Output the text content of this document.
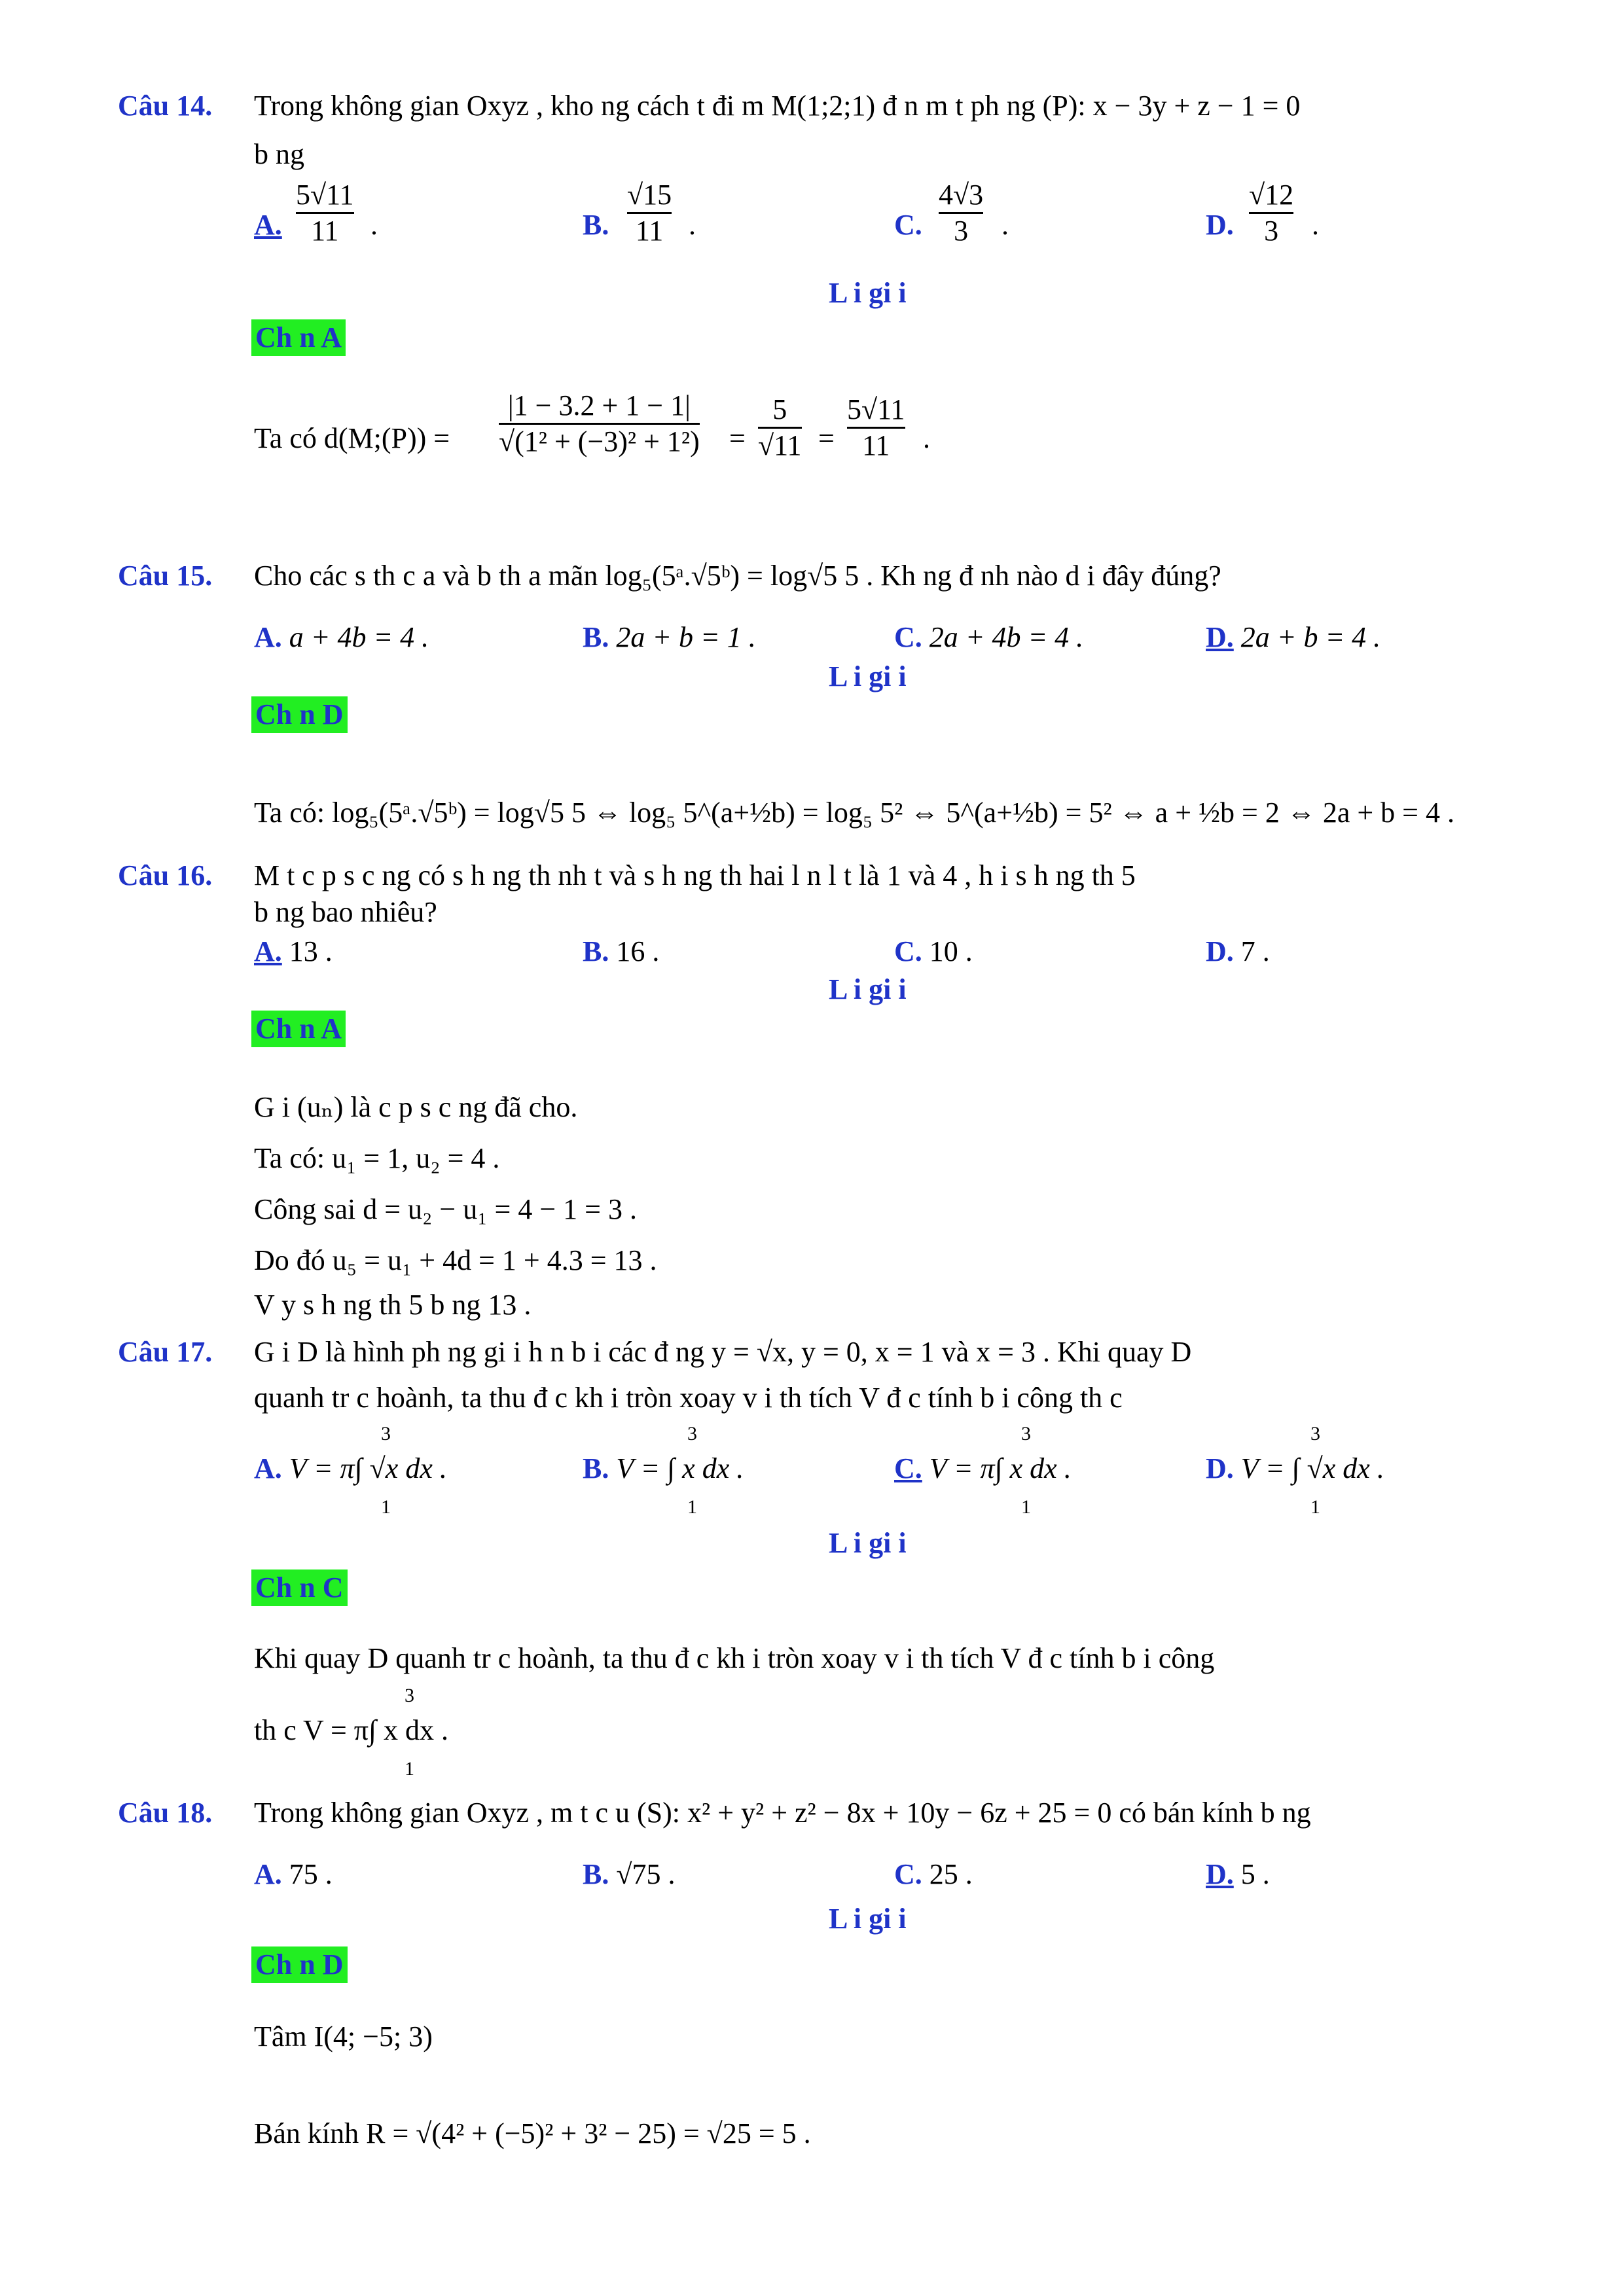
Câu 14. Trong không gian Oxyz , kho ng cách t đi m M(1;2;1) đ n m t ph ng (P): x − 3y + z − 1 = 0
b ng
A.
5√11
11 .	B.
√15
11 .	C.
4√3
3 .	D.
√12
3 .
L i gi i
Ch n A
Ta có d(M;(P)) =
|1 − 3.2 + 1 − 1|
√(1² + (−3)² + 1²) =
5
√11 =
5√11
11 .
Câu 15. Cho các s th c a và b th a mãn log₅(5ᵃ.√5ᵇ) = log√5 5 . Kh ng đ nh nào d i đây đúng?
A. a + 4b = 4 .	B. 2a + b = 1 .	C. 2a + 4b = 4 .	D. 2a + b = 4 .
L i gi i
Ch n D
Ta có: log₅(5ᵃ.√5ᵇ) = log√5 5 ⇔ log₅ 5^(a+½b) = log₅ 5² ⇔ 5^(a+½b) = 5² ⇔ a + ½b = 2 ⇔ 2a + b = 4 .
Câu 16. M t c p s c ng có s h ng th nh t và s h ng th hai l n l t là 1 và 4 , h i s h ng th 5
b ng bao nhiêu?
A. 13 .	B. 16 .	C. 10 .	D. 7 .
L i gi i
Ch n A
G i (uₙ) là c p s c ng đã cho.
Ta có: u₁ = 1, u₂ = 4 .
Công sai d = u₂ − u₁ = 4 − 1 = 3 .
Do đó u₅ = u₁ + 4d = 1 + 4.3 = 13 .
V y s h ng th 5 b ng 13 .
Câu 17. G i D là hình ph ng gi i h n b i các đ ng y = √x, y = 0, x = 1 và x = 3 . Khi quay D
quanh tr c hoành, ta thu đ c kh i tròn xoay v i th tích V đ c tính b i công th c
A. V = π∫ √x dx .
3
1
B. V = ∫ x dx .
3
1
C. V = π∫ x dx .
3
1
D. V = ∫ √x dx .
3
1
L i gi i
Ch n C
Khi quay D quanh tr c hoành, ta thu đ c kh i tròn xoay v i th tích V đ c tính b i công
th c V = π∫ x dx .
3
1
Câu 18. Trong không gian Oxyz , m t c u (S): x² + y² + z² − 8x + 10y − 6z + 25 = 0 có bán kính b ng
A. 75 .	B. √75 .	C. 25 .	D. 5 .
L i gi i
Ch n D
Tâm I(4; −5; 3)
Bán kính R = √(4² + (−5)² + 3² − 25) = √25 = 5 .
